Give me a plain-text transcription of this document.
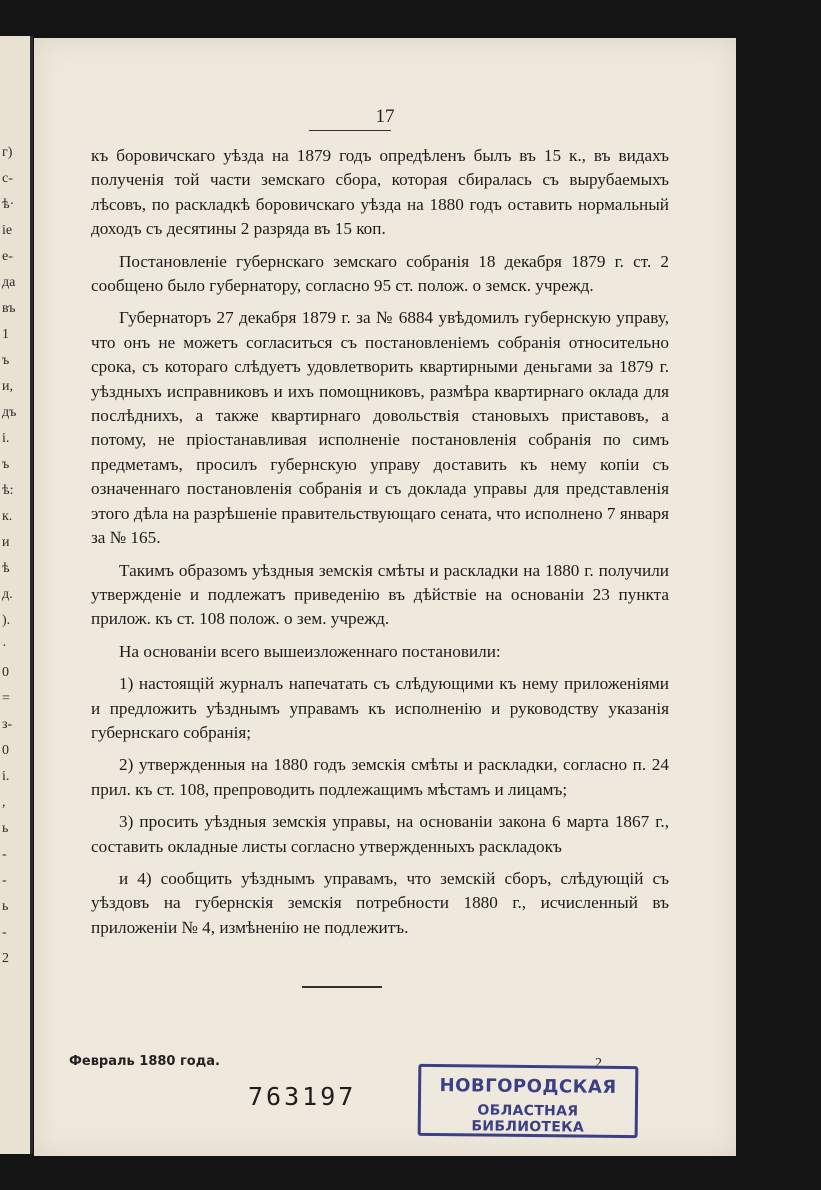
г)
с-
ѣ·
іе
е-
да
въ
1
ъ
и,
дъ
і.
ъ
ѣ:
к.
и
ѣ
д.
).
·
0
=
з-
0
і.
,
ь
-
-
ь
-
2
17

къ боровичскаго уѣзда на 1879 годъ опредѣленъ былъ въ 15 к., въ видахъ полученія той части земскаго сбора, которая сбиралась съ вырубаемыхъ лѣсовъ, по раскладкѣ боровичскаго уѣзда на 1880 годъ оставить нормальный доходъ съ десятины 2 разряда въ 15 коп.

Постановленіе губернскаго земскаго собранія 18 декабря 1879 г. ст. 2 сообщено было губернатору, согласно 95 ст. полож. о земск. учрежд.

Губернаторъ 27 декабря 1879 г. за № 6884 увѣдомилъ губернскую управу, что онъ не можетъ согласиться съ постановленіемъ собранія относительно срока, съ котораго слѣдуетъ удовлетворить квартирными деньгами за 1879 г. уѣздныхъ исправниковъ и ихъ помощниковъ, размѣра квартирнаго оклада для послѣднихъ, а также квартирнаго довольствія становыхъ приставовъ, а потому, не пріостанавливая исполненіе постановленія собранія по симъ предметамъ, просилъ губернскую управу доставить къ нему копіи съ означеннаго постановленія собранія и съ доклада управы для представленія этого дѣла на разрѣшеніе правительствующаго сената, что исполнено 7 января за № 165.

Такимъ образомъ уѣздныя земскія смѣты и раскладки на 1880 г. получили утвержденіе и подлежатъ приведенію въ дѣйствіе на основаніи 23 пункта прилож. къ ст. 108 полож. о зем. учрежд.

На основаніи всего вышеизложеннаго постановили:

1) настоящій журналъ напечатать съ слѣдующими къ нему приложеніями и предложить уѣзднымъ управамъ къ исполненію и руководству указанія губернскаго собранія;

2) утвержденныя на 1880 годъ земскія смѣты и раскладки, согласно п. 24 прил. къ ст. 108, препроводить подлежащимъ мѣстамъ и лицамъ;

3) просить уѣздныя земскія управы, на основаніи закона 6 марта 1867 г., составить окладные листы согласно утвержденныхъ раскладокъ

и 4) сообщить уѣзднымъ управамъ, что земскій сборъ, слѣдующій съ уѣздовъ на губернскія земскія потребности 1880 г., исчисленный въ приложеніи № 4, измѣненію не подлежитъ.

Февраль 1880 года.	2
763197	НОВГОРОДСКАЯ
ОБЛАСТНАЯ БИБЛИОТЕКА
